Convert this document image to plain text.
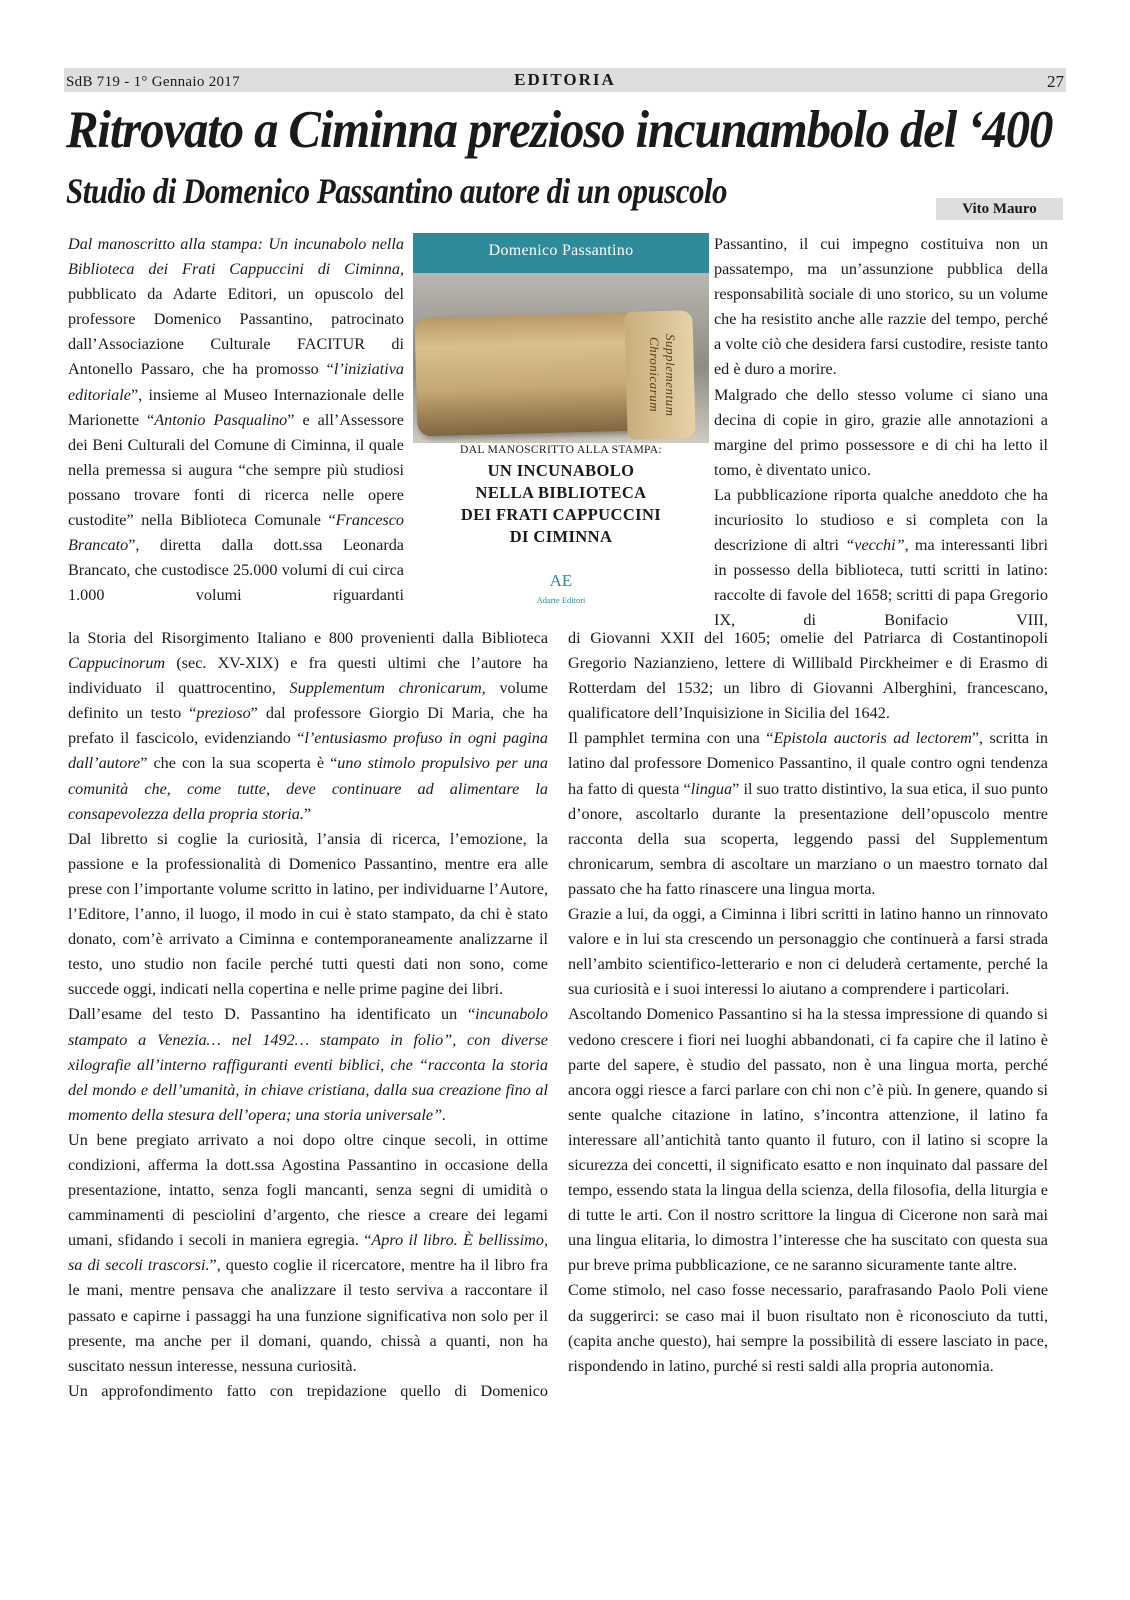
SdB 719 - 1° Gennaio 2017	EDITORIA	27
Ritrovato a Ciminna prezioso incunambolo del ‘400
Studio di Domenico Passantino autore di un opuscolo	Vito Mauro

Dal manoscritto alla stampa: Un incunabolo nella Biblioteca dei Frati Cappuccini di Ciminna, pubblicato da Adarte Editori, un opuscolo del professore Domenico Passantino, patrocinato dall’Associazione Culturale FACITUR di Antonello Passaro, che ha promosso “l’iniziativa editoriale”, insieme al Museo Internazionale delle Marionette “Antonio Pasqualino” e all’Assessore dei Beni Culturali del Comune di Ciminna, il quale nella premessa si augura “che sempre più studiosi possano trovare fonti di ricerca nelle opere custodite” nella Biblioteca Comunale “Francesco Brancato”, diretta dalla dott.ssa Leonarda Brancato, che custodisce 25.000 volumi di cui circa 1.000 volumi riguardanti

Domenico Passantino
Supplementum Chronicarum
DAL MANOSCRITTO ALLA STAMPA:
UN INCUNABOLO
NELLA BIBLIOTECA
DEI FRATI CAPPUCCINI
DI CIMINNA
AE
Adarte Editori

Passantino, il cui impegno costituiva non un passatempo, ma un’assunzione pubblica della responsabilità sociale di uno storico, su un volume che ha resistito anche alle razzie del tempo, perché a volte ciò che desidera farsi custodire, resiste tanto ed è duro a morire.

Malgrado che dello stesso volume ci siano una decina di copie in giro, grazie alle annotazioni a margine del primo possessore e di chi ha letto il tomo, è diventato unico.

La pubblicazione riporta qualche aneddoto che ha incuriosito lo studioso e si completa con la descrizione di altri “vecchi”, ma interessanti libri in possesso della biblioteca, tutti scritti in latino: raccolte di favole del 1658; scritti di papa Gregorio IX, di Bonifacio VIII,

la Storia del Risorgimento Italiano e 800 provenienti dalla Biblioteca Cappucinorum (sec. XV-XIX) e fra questi ultimi che l’autore ha individuato il quattrocentino, Supplementum chronicarum, volume definito un testo “prezioso” dal professore Giorgio Di Maria, che ha prefato il fascicolo, evidenziando “l’entusiasmo profuso in ogni pagina dall’autore” che con la sua scoperta è “uno stimolo propulsivo per una comunità che, come tutte, deve continuare ad alimentare la consapevolezza della propria storia.”

Dal libretto si coglie la curiosità, l’ansia di ricerca, l’emozione, la passione e la professionalità di Domenico Passantino, mentre era alle prese con l’importante volume scritto in latino, per individuarne l’Autore, l’Editore, l’anno, il luogo, il modo in cui è stato stampato, da chi è stato donato, com’è arrivato a Ciminna e contemporaneamente analizzarne il testo, uno studio non facile perché tutti questi dati non sono, come succede oggi, indicati nella copertina e nelle prime pagine dei libri.

Dall’esame del testo D. Passantino ha identificato un “incunabolo stampato a Venezia… nel 1492… stampato in folio”, con diverse xilografie all’interno raffiguranti eventi biblici, che “racconta la storia del mondo e dell’umanità, in chiave cristiana, dalla sua creazione fino al momento della stesura dell’opera; una storia universale”.

Un bene pregiato arrivato a noi dopo oltre cinque secoli, in ottime condizioni, afferma la dott.ssa Agostina Passantino in occasione della presentazione, intatto, senza fogli mancanti, senza segni di umidità o camminamenti di pesciolini d’argento, che riesce a creare dei legami umani, sfidando i secoli in maniera egregia. “Apro il libro. È bellissimo, sa di secoli trascorsi.”, questo coglie il ricercatore, mentre ha il libro fra le mani, mentre pensava che analizzare il testo serviva a raccontare il passato e capirne i passaggi ha una funzione significativa non solo per il presente, ma anche per il domani, quando, chissà a quanti, non ha suscitato nessun interesse, nessuna curiosità.

Un approfondimento fatto con trepidazione quello di Domenico

di Giovanni XXII del 1605; omelie del Patriarca di Costantinopoli Gregorio Nazianzieno, lettere di Willibald Pirckheimer e di Erasmo di Rotterdam del 1532; un libro di Giovanni Alberghini, francescano, qualificatore dell’Inquisizione in Sicilia del 1642.

Il pamphlet termina con una “Epistola auctoris ad lectorem”, scritta in latino dal professore Domenico Passantino, il quale contro ogni tendenza ha fatto di questa “lingua” il suo tratto distintivo, la sua etica, il suo punto d’onore, ascoltarlo durante la presentazione dell’opuscolo mentre racconta della sua scoperta, leggendo passi del Supplementum chronicarum, sembra di ascoltare un marziano o un maestro tornato dal passato che ha fatto rinascere una lingua morta.

Grazie a lui, da oggi, a Ciminna i libri scritti in latino hanno un rinnovato valore e in lui sta crescendo un personaggio che continuerà a farsi strada nell’ambito scientifico-letterario e non ci deluderà certamente, perché la sua curiosità e i suoi interessi lo aiutano a comprendere i particolari.

Ascoltando Domenico Passantino si ha la stessa impressione di quando si vedono crescere i fiori nei luoghi abbandonati, ci fa capire che il latino è parte del sapere, è studio del passato, non è una lingua morta, perché ancora oggi riesce a farci parlare con chi non c’è più. In genere, quando si sente qualche citazione in latino, s’incontra attenzione, il latino fa interessare all’antichità tanto quanto il futuro, con il latino si scopre la sicurezza dei concetti, il significato esatto e non inquinato dal passare del tempo, essendo stata la lingua della scienza, della filosofia, della liturgia e di tutte le arti. Con il nostro scrittore la lingua di Cicerone non sarà mai una lingua elitaria, lo dimostra l’interesse che ha suscitato con questa sua pur breve prima pubblicazione, ce ne saranno sicuramente tante altre.

Come stimolo, nel caso fosse necessario, parafrasando Paolo Poli viene da suggerirci: se caso mai il buon risultato non è riconosciuto da tutti, (capita anche questo), hai sempre la possibilità di essere lasciato in pace, rispondendo in latino, purché si resti saldi alla propria autonomia.
